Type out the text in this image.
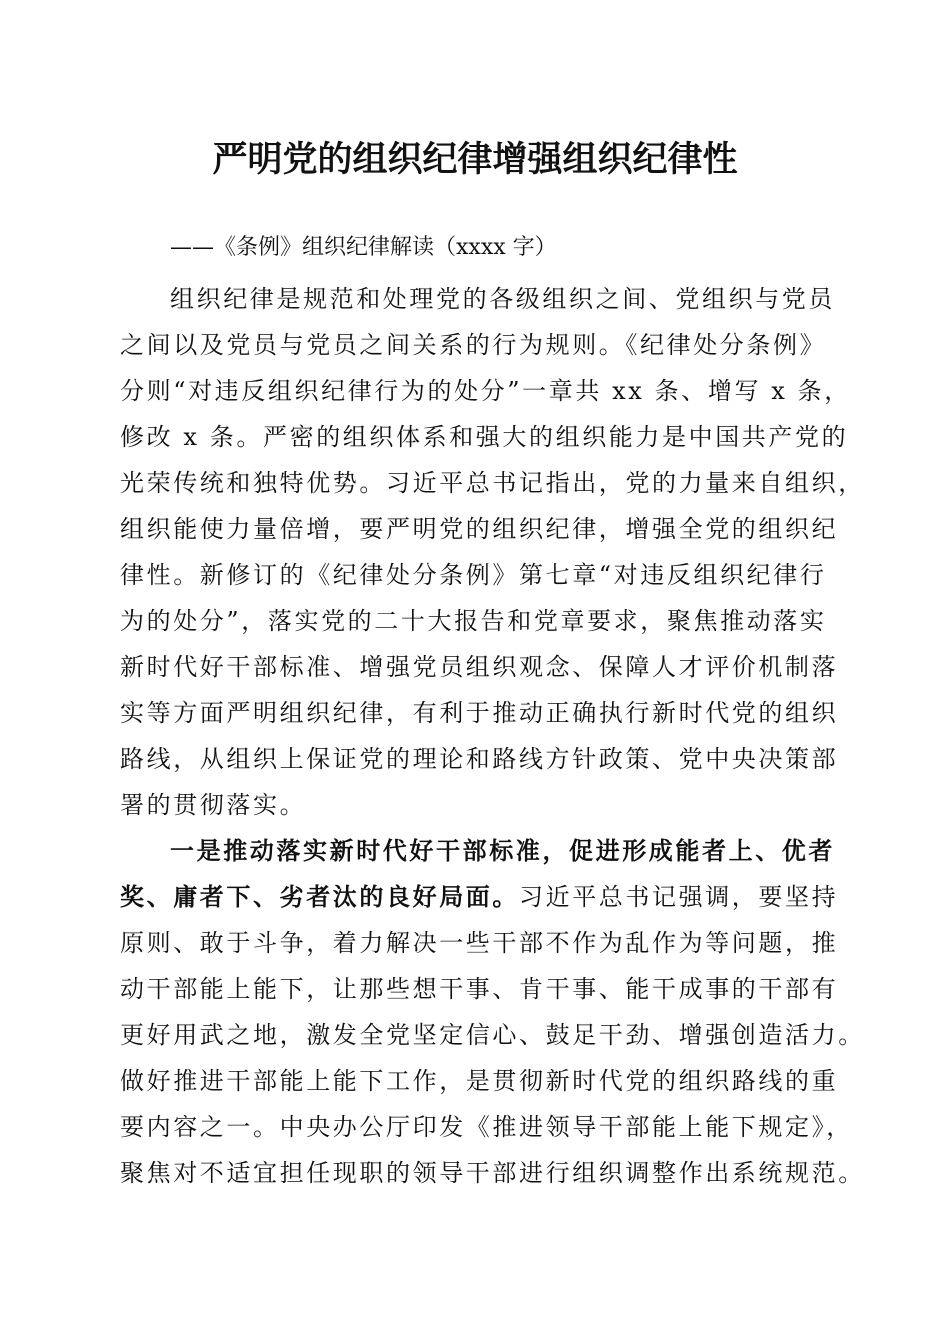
严明党的组织纪律增强组织纪律性

——《条例》组织纪律解读（xxxx 字）

组织纪律是规范和处理党的各级组织之间、党组织与党员

之间以及党员与党员之间关系的行为规则。《纪律处分条例》

分则“对违反组织纪律行为的处分”一章共 xx 条、增写 x 条，

修改 x 条。严密的组织体系和强大的组织能力是中国共产党的

光荣传统和独特优势。习近平总书记指出，党的力量来自组织，

组织能使力量倍增，要严明党的组织纪律，增强全党的组织纪

律性。新修订的《纪律处分条例》第七章“对违反组织纪律行

为的处分”，落实党的二十大报告和党章要求，聚焦推动落实

新时代好干部标准、增强党员组织观念、保障人才评价机制落

实等方面严明组织纪律，有利于推动正确执行新时代党的组织

路线，从组织上保证党的理论和路线方针政策、党中央决策部

署的贯彻落实。

一是推动落实新时代好干部标准，促进形成能者上、优者

奖、庸者下、劣者汰的良好局面。习近平总书记强调，要坚持

原则、敢于斗争，着力解决一些干部不作为乱作为等问题，推

动干部能上能下，让那些想干事、肯干事、能干成事的干部有

更好用武之地，激发全党坚定信心、鼓足干劲、增强创造活力。

做好推进干部能上能下工作，是贯彻新时代党的组织路线的重

要内容之一。中央办公厅印发《推进领导干部能上能下规定》，

聚焦对不适宜担任现职的领导干部进行组织调整作出系统规范。
